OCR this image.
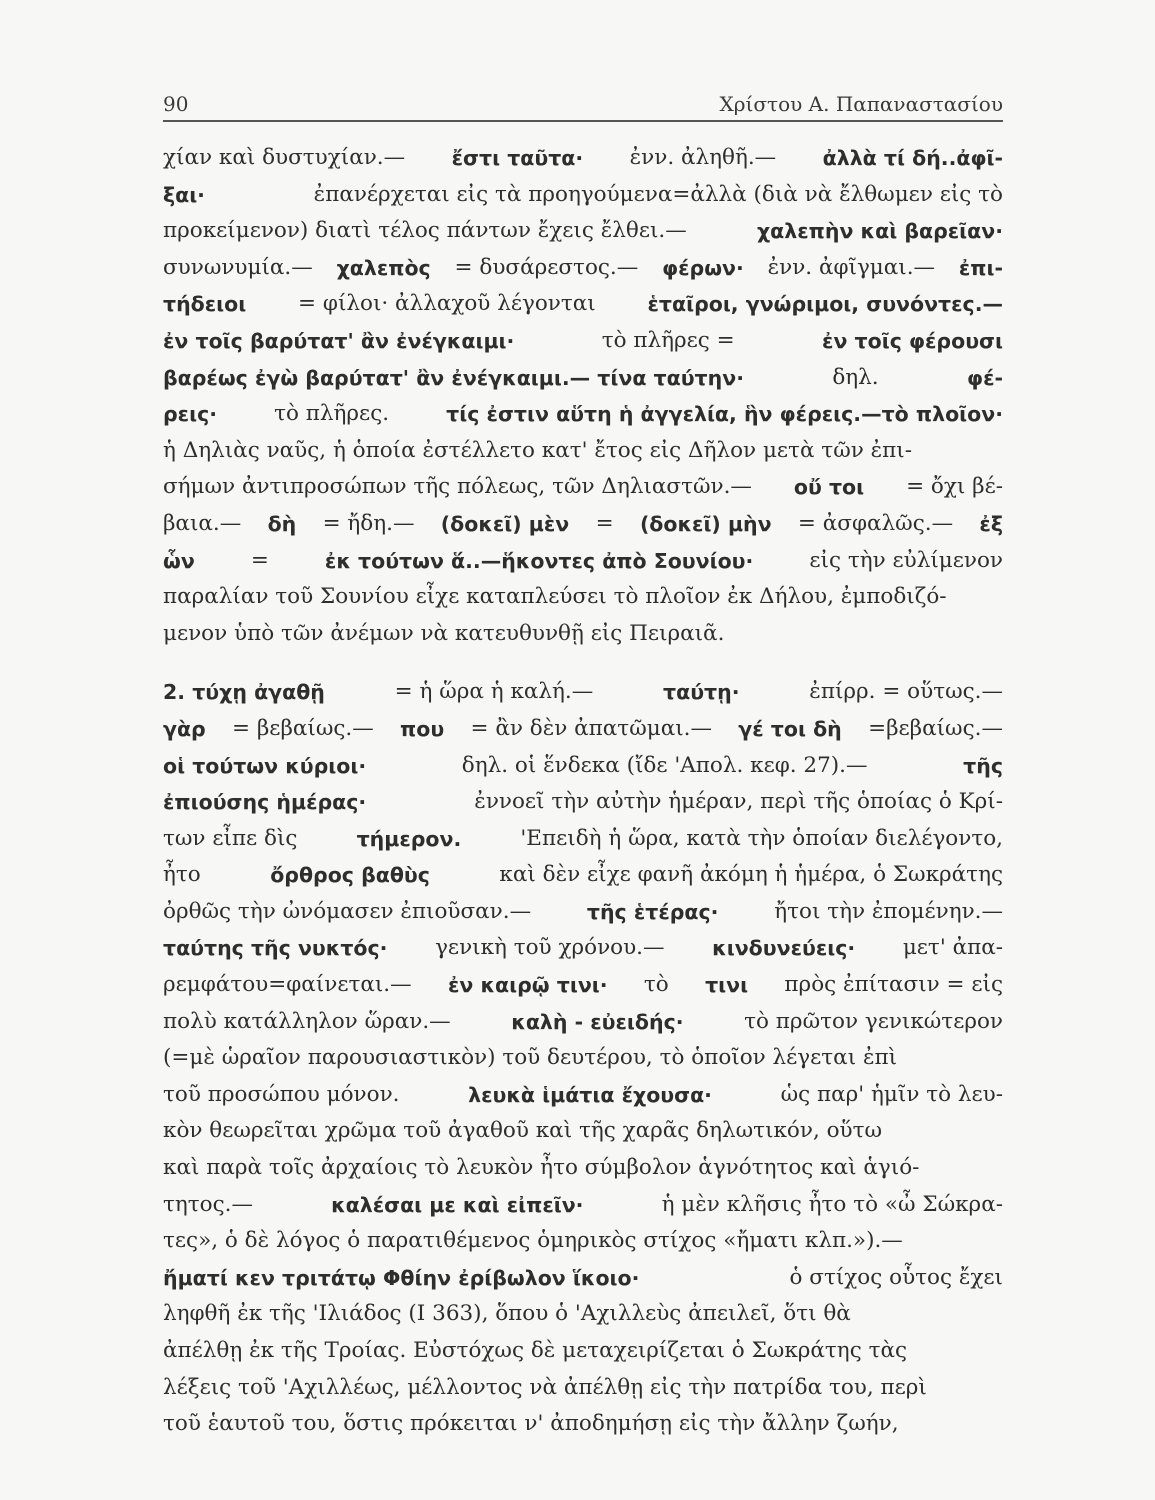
90	Χρίστου Α. Παπαναστασίου
χίαν καὶ δυστυχίαν.— ἔστι ταῦτα· ἐνν. ἀληθῆ.— ἀλλὰ τί δή..ἀφῖ-
ξαι·	ἐπανέρχεται εἰς τὰ προηγούμενα=ἀλλὰ (διὰ νὰ ἔλθωμεν εἰς τὸ
προκείμενον) διατὶ τέλος πάντων ἔχεις ἔλθει.—	χαλεπὴν καὶ βαρεῖαν·
συνωνυμία.— χαλεπὸς = δυσάρεστος.— φέρων· ἐνν. ἀφῖγμαι.— ἐπι-
τήδειοι = φίλοι· ἀλλαχοῦ λέγονται	ἑταῖροι, γνώριμοι, συνόντες.—
ἐν τοῖς βαρύτατ' ἂν ἐνέγκαιμι·	τὸ πλῆρες =	ἐν τοῖς φέρουσι
βαρέως ἐγὼ βαρύτατ' ἂν ἐνέγκαιμι.— τίνα ταύτην·	δηλ.	φέ-
ρεις·	τὸ πλῆρες.	τίς ἐστιν αὕτη ἡ ἀγγελία, ἣν φέρεις.—τὸ πλοῖον·
ἡ Δηλιὰς ναῦς, ἡ ὁποία ἐστέλλετο κατ' ἔτος εἰς Δῆλον μετὰ τῶν ἐπι-
σήμων ἀντιπροσώπων τῆς πόλεως, τῶν Δηλιαστῶν.— οὔ τοι = ὄχι βέ-
βαια.— δὴ = ἤδη.— (δοκεῖ) μὲν = (δοκεῖ) μὴν = ἀσφαλῶς.— ἐξ
ὧν	=	ἐκ τούτων ἅ..—ἥκοντες ἀπὸ Σουνίου·	εἰς τὴν εὐλίμενον
παραλίαν τοῦ Σουνίου εἶχε καταπλεύσει τὸ πλοῖον ἐκ Δήλου, ἐμποδιζό-
μενον ὑπὸ τῶν ἀνέμων νὰ κατευθυνθῇ εἰς Πειραιᾶ.
2. τύχῃ ἀγαθῇ	= ἡ ὥρα ἡ καλή.—	ταύτῃ·	ἐπίρρ. = οὕτως.—
γὰρ = βεβαίως.— που = ἂν δὲν ἀπατῶμαι.— γέ τοι δὴ =βεβαίως.—
οἱ τούτων κύριοι·	δηλ. οἱ ἕνδεκα (ἴδε 'Απολ. κεφ. 27).—	τῆς
ἐπιούσης ἡμέρας·	ἐννοεῖ τὴν αὐτὴν ἡμέραν, περὶ τῆς ὁποίας ὁ Κρί-
των εἶπε δὶς	τήμερον.	'Επειδὴ ἡ ὥρα, κατὰ τὴν ὁποίαν διελέγοντο,
ἦτο	ὄρθρος βαθὺς	καὶ δὲν εἶχε φανῆ ἀκόμη ἡ ἡμέρα, ὁ Σωκράτης
ὀρθῶς τὴν ὠνόμασεν ἐπιοῦσαν.—	τῆς ἑτέρας·	ἤτοι τὴν ἐπομένην.—
ταύτης τῆς νυκτός· γενικὴ τοῦ χρόνου.— κινδυνεύεις· μετ' ἀπα-
ρεμφάτου=φαίνεται.— ἐν καιρῷ τινι· τὸ τινι πρὸς ἐπίτασιν = εἰς
πολὺ κατάλληλον ὥραν.—	καλὴ - εὐειδής·	τὸ πρῶτον γενικώτερον
(=μὲ ὡραῖον παρουσιαστικὸν) τοῦ δευτέρου, τὸ ὁποῖον λέγεται ἐπὶ
τοῦ προσώπου μόνον.	λευκὰ ἱμάτια ἔχουσα·	ὡς παρ' ἡμῖν τὸ λευ-
κὸν θεωρεῖται χρῶμα τοῦ ἀγαθοῦ καὶ τῆς χαρᾶς δηλωτικόν, οὕτω
καὶ παρὰ τοῖς ἀρχαίοις τὸ λευκὸν ἦτο σύμβολον ἁγνότητος καὶ ἁγιό-
τητος.—	καλέσαι με καὶ εἰπεῖν·	ἡ μὲν κλῆσις ἦτο τὸ «ὦ Σώκρα-
τες», ὁ δὲ λόγος ὁ παρατιθέμενος ὁμηρικὸς στίχος «ἤματι κλπ.»).—
ἤματί κεν τριτάτῳ Φθίην ἐρίβωλον ἵκοιο·	ὁ στίχος οὗτος ἔχει
ληφθῆ ἐκ τῆς 'Ιλιάδος (I 363), ὅπου ὁ 'Αχιλλεὺς ἀπειλεῖ, ὅτι θὰ
ἀπέλθῃ ἐκ τῆς Τροίας. Εὐστόχως δὲ μεταχειρίζεται ὁ Σωκράτης τὰς
λέξεις τοῦ 'Αχιλλέως, μέλλοντος νὰ ἀπέλθῃ εἰς τὴν πατρίδα του, περὶ
τοῦ ἑαυτοῦ του, ὅστις πρόκειται ν' ἀποδημήσῃ εἰς τὴν ἄλλην ζωήν,
